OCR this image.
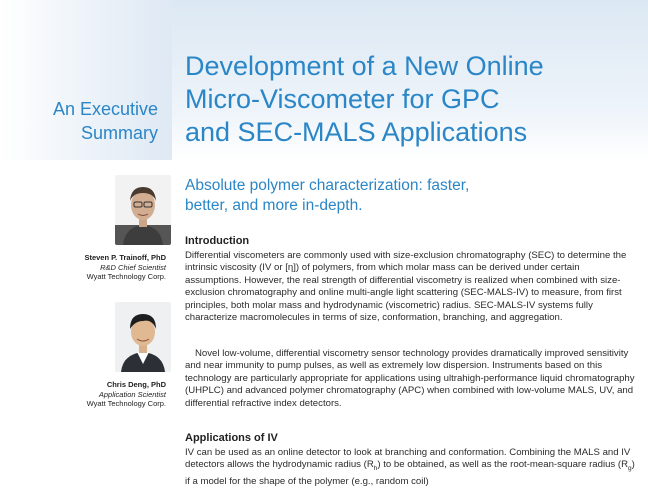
Development of a New Online
Micro-Viscometer for GPC
and SEC-MALS Applications
An Executive
Summary
Absolute polymer characterization: faster,
better, and more in-depth.
Steven P. Trainoff, PhD
R&D Chief Scientist
Wyatt Technology Corp.
Chris Deng, PhD
Application Scientist
Wyatt Technology Corp.
Introduction

Differential viscometers are commonly used with size-exclusion chromatography (SEC) to determine the intrinsic viscosity (IV or [η]) of polymers, from which molar mass can be derived under certain assumptions. However, the real strength of differential viscometry is realized when combined with size-exclusion chromatography and online multi-angle light scattering (SEC-MALS-IV) to measure, from first principles, both molar mass and hydrodynamic (viscometric) radius. SEC-MALS-IV systems fully characterize macromolecules in terms of size, conformation, branching, and aggregation.

Novel low-volume, differential viscometry sensor technology provides dramatically improved sensitivity and near immunity to pump pulses, as well as extremely low dispersion. Instruments based on this technology are particularly appropriate for applications using ultrahigh-performance liquid chromatography (UHPLC) and advanced polymer chromatography (APC) when combined with low-volume MALS, UV, and differential refractive index detectors.

Applications of IV

IV can be used as an online detector to look at branching and conformation. Combining the MALS and IV detectors allows the hydrodynamic radius $(R_h)$ to be obtained, as well as the root-mean-square radius $(R_g)$ if a model for the shape of the polymer (e.g., random coil)
